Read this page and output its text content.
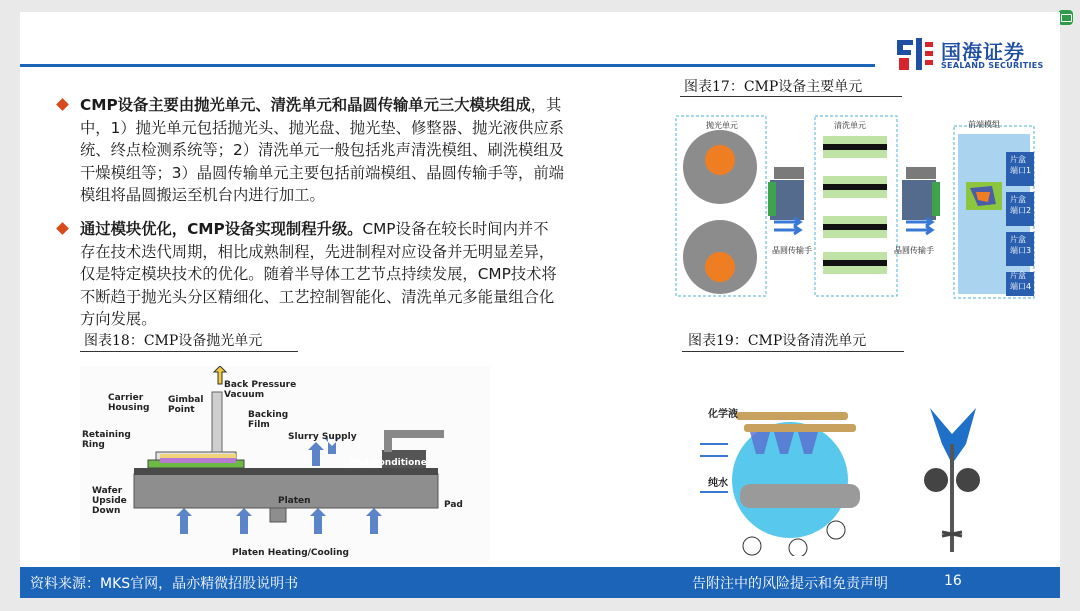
国海证券
SEALAND SECURITIES
CMP设备主要由抛光单元、清洗单元和晶圆传输单元三大模块组成，其
中，1）抛光单元包括抛光头、抛光盘、抛光垫、修整器、抛光液供应系
统、终点检测系统等；2）清洗单元一般包括兆声清洗模组、刷洗模组及
干燥模组等；3）晶圆传输单元主要包括前端模组、晶圆传输手等，前端
模组将晶圆搬运至机台内进行加工。
通过模块优化，CMP设备实现制程升级。CMP设备在较长时间内并不
存在技术迭代周期，相比成熟制程，先进制程对应设备并无明显差异，
仅是特定模块技术的优化。随着半导体工艺节点持续发展，CMP技术将
不断趋于抛光头分区精细化、工艺控制智能化、清洗单元多能量组合化
方向发展。
图表17：CMP设备主要单元
抛光单元	清洗单元	前端模组
晶圆传输手	晶圆传输手
片盒
端口1
片盒
端口2
片盒
端口3
片盒
端口4
图表18：CMP设备抛光单元
Carrier
Housing
Gimbal
Point
Back Pressure
Vacuum
Backing
Film
Retaining
Ring
Slurry Supply
Pad Conditioner
Platen	Pad
Wafer
Upside
Down
Platen Heating/Cooling
图表19：CMP设备清洗单元
化学液
纯水
资料来源：MKS官网，晶亦精微招股说明书	告附注中的风险提示和免责声明	16
